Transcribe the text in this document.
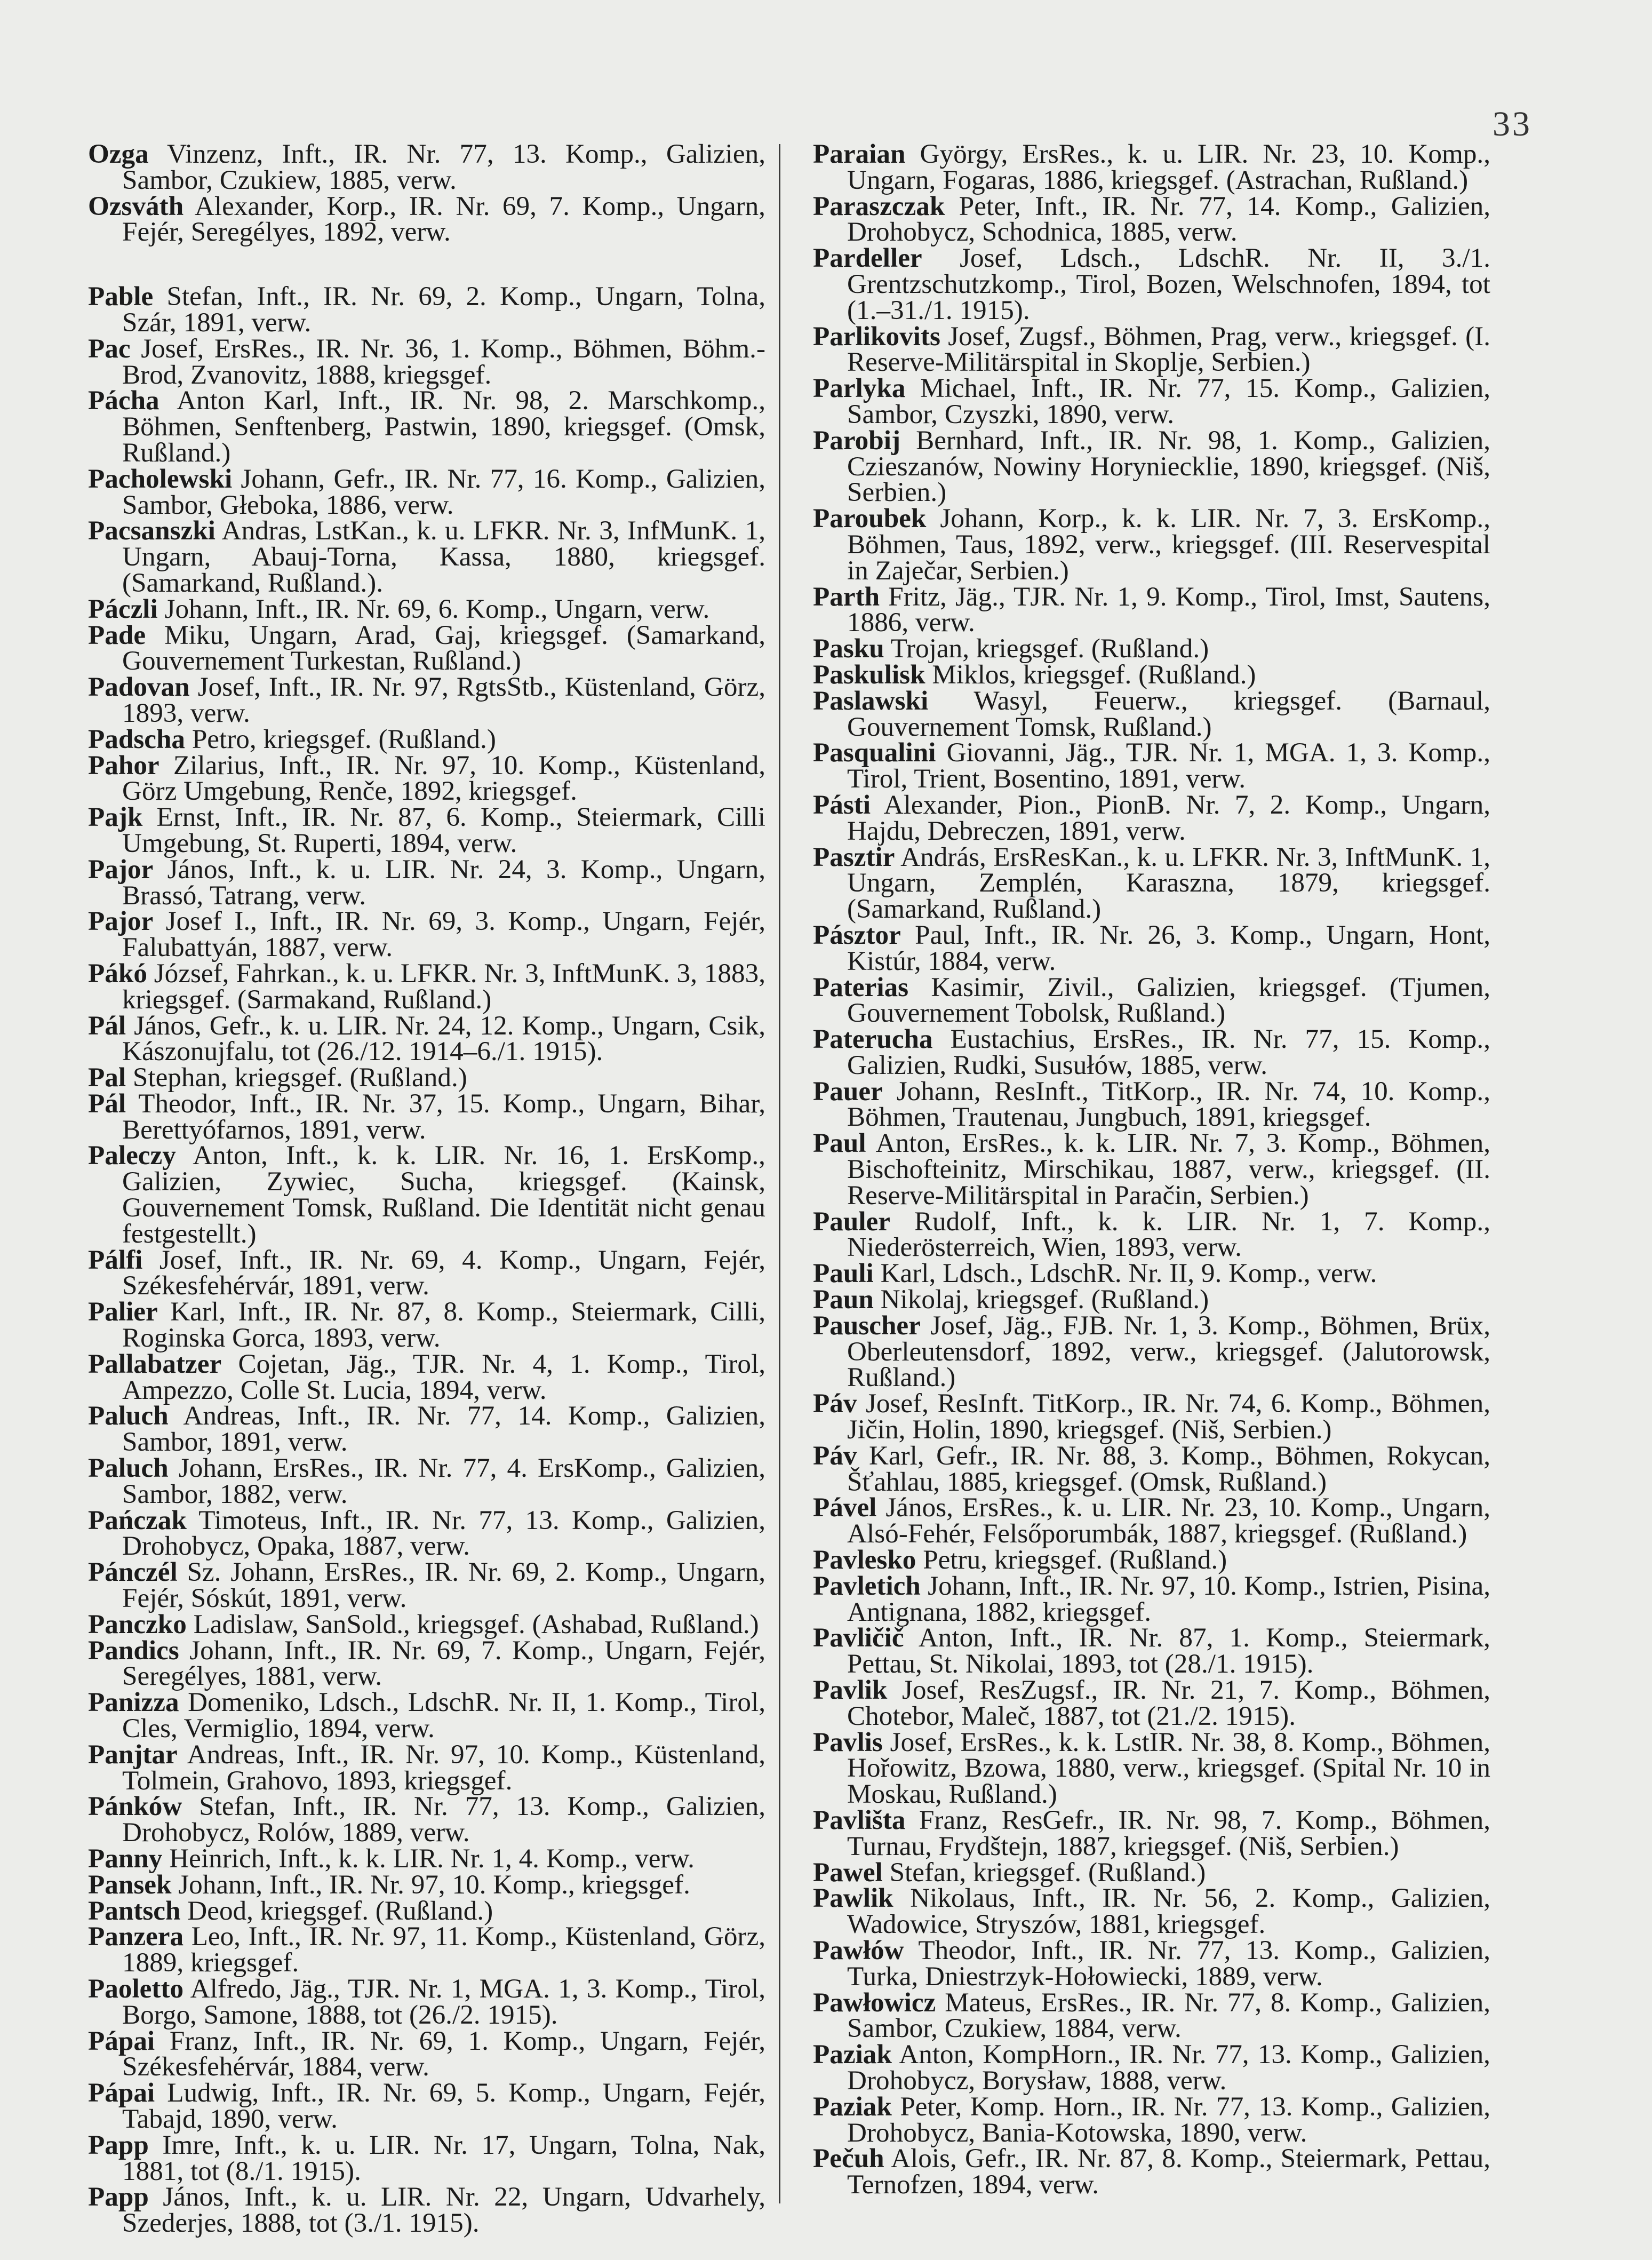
33

Ozga Vinzenz, Inft., IR. Nr. 77, 13. Komp., Galizien, Sambor, Czukiew, 1885, verw.

Ozsváth Alexander, Korp., IR. Nr. 69, 7. Komp., Ungarn, Fejér, Seregélyes, 1892, verw.

Pable Stefan, Inft., IR. Nr. 69, 2. Komp., Ungarn, Tolna, Szár, 1891, verw.

Pac Josef, ErsRes., IR. Nr. 36, 1. Komp., Böhmen, Böhm.-Brod, Zvanovitz, 1888, kriegsgef.

Pácha Anton Karl, Inft., IR. Nr. 98, 2. Marschkomp., Böhmen, Senftenberg, Pastwin, 1890, kriegsgef. (Omsk, Rußland.)

Pacholewski Johann, Gefr., IR. Nr. 77, 16. Komp., Galizien, Sambor, Głeboka, 1886, verw.

Pacsanszki Andras, LstKan., k. u. LFKR. Nr. 3, InfMunK. 1, Ungarn, Abauj-Torna, Kassa, 1880, kriegsgef. (Samarkand, Rußland.).

Páczli Johann, Inft., IR. Nr. 69, 6. Komp., Ungarn, verw.

Pade Miku, Ungarn, Arad, Gaj, kriegsgef. (Samarkand, Gouvernement Turkestan, Rußland.)

Padovan Josef, Inft., IR. Nr. 97, RgtsStb., Küstenland, Görz, 1893, verw.

Padscha Petro, kriegsgef. (Rußland.)

Pahor Zilarius, Inft., IR. Nr. 97, 10. Komp., Küstenland, Görz Umgebung, Renče, 1892, kriegsgef.

Pajk Ernst, Inft., IR. Nr. 87, 6. Komp., Steiermark, Cilli Umgebung, St. Ruperti, 1894, verw.

Pajor János, Inft., k. u. LIR. Nr. 24, 3. Komp., Ungarn, Brassó, Tatrang, verw.

Pajor Josef I., Inft., IR. Nr. 69, 3. Komp., Ungarn, Fejér, Falubattyán, 1887, verw.

Pákó József, Fahrkan., k. u. LFKR. Nr. 3, InftMunK. 3, 1883, kriegsgef. (Sarmakand, Rußland.)

Pál János, Gefr., k. u. LIR. Nr. 24, 12. Komp., Ungarn, Csik, Kászonujfalu, tot (26./12. 1914–6./1. 1915).

Pal Stephan, kriegsgef. (Rußland.)

Pál Theodor, Inft., IR. Nr. 37, 15. Komp., Ungarn, Bihar, Berettyófarnos, 1891, verw.

Paleczy Anton, Inft., k. k. LIR. Nr. 16, 1. ErsKomp., Galizien, Zywiec, Sucha, kriegsgef. (Kainsk, Gouvernement Tomsk, Rußland. Die Identität nicht genau festgestellt.)

Pálfi Josef, Inft., IR. Nr. 69, 4. Komp., Ungarn, Fejér, Székesfehérvár, 1891, verw.

Palier Karl, Inft., IR. Nr. 87, 8. Komp., Steiermark, Cilli, Roginska Gorca, 1893, verw.

Pallabatzer Cojetan, Jäg., TJR. Nr. 4, 1. Komp., Tirol, Ampezzo, Colle St. Lucia, 1894, verw.

Paluch Andreas, Inft., IR. Nr. 77, 14. Komp., Galizien, Sambor, 1891, verw.

Paluch Johann, ErsRes., IR. Nr. 77, 4. ErsKomp., Galizien, Sambor, 1882, verw.

Pańczak Timoteus, Inft., IR. Nr. 77, 13. Komp., Galizien, Drohobycz, Opaka, 1887, verw.

Pánczél Sz. Johann, ErsRes., IR. Nr. 69, 2. Komp., Ungarn, Fejér, Sóskút, 1891, verw.

Panczko Ladislaw, SanSold., kriegsgef. (Ashabad, Rußland.)

Pandics Johann, Inft., IR. Nr. 69, 7. Komp., Ungarn, Fejér, Seregélyes, 1881, verw.

Panizza Domeniko, Ldsch., LdschR. Nr. II, 1. Komp., Tirol, Cles, Vermiglio, 1894, verw.

Panjtar Andreas, Inft., IR. Nr. 97, 10. Komp., Küstenland, Tolmein, Grahovo, 1893, kriegsgef.

Pánków Stefan, Inft., IR. Nr. 77, 13. Komp., Galizien, Drohobycz, Rolów, 1889, verw.

Panny Heinrich, Inft., k. k. LIR. Nr. 1, 4. Komp., verw.

Pansek Johann, Inft., IR. Nr. 97, 10. Komp., kriegsgef.

Pantsch Deod, kriegsgef. (Rußland.)

Panzera Leo, Inft., IR. Nr. 97, 11. Komp., Küstenland, Görz, 1889, kriegsgef.

Paoletto Alfredo, Jäg., TJR. Nr. 1, MGA. 1, 3. Komp., Tirol, Borgo, Samone, 1888, tot (26./2. 1915).

Pápai Franz, Inft., IR. Nr. 69, 1. Komp., Ungarn, Fejér, Székesfehérvár, 1884, verw.

Pápai Ludwig, Inft., IR. Nr. 69, 5. Komp., Ungarn, Fejér, Tabajd, 1890, verw.

Papp Imre, Inft., k. u. LIR. Nr. 17, Ungarn, Tolna, Nak, 1881, tot (8./1. 1915).

Papp János, Inft., k. u. LIR. Nr. 22, Ungarn, Udvarhely, Szederjes, 1888, tot (3./1. 1915).

Paraian György, ErsRes., k. u. LIR. Nr. 23, 10. Komp., Ungarn, Fogaras, 1886, kriegsgef. (Astrachan, Rußland.)

Paraszczak Peter, Inft., IR. Nr. 77, 14. Komp., Galizien, Drohobycz, Schodnica, 1885, verw.

Pardeller Josef, Ldsch., LdschR. Nr. II, 3./1. Grentzschutzkomp., Tirol, Bozen, Welschnofen, 1894, tot (1.–31./1. 1915).

Parlikovits Josef, Zugsf., Böhmen, Prag, verw., kriegsgef. (I. Reserve-Militärspital in Skoplje, Serbien.)

Parlyka Michael, Inft., IR. Nr. 77, 15. Komp., Galizien, Sambor, Czyszki, 1890, verw.

Parobij Bernhard, Inft., IR. Nr. 98, 1. Komp., Galizien, Czieszanów, Nowiny Horyniecklie, 1890, kriegsgef. (Niš, Serbien.)

Paroubek Johann, Korp., k. k. LIR. Nr. 7, 3. ErsKomp., Böhmen, Taus, 1892, verw., kriegsgef. (III. Reservespital in Zaječar, Serbien.)

Parth Fritz, Jäg., TJR. Nr. 1, 9. Komp., Tirol, Imst, Sautens, 1886, verw.

Pasku Trojan, kriegsgef. (Rußland.)

Paskulisk Miklos, kriegsgef. (Rußland.)

Paslawski Wasyl, Feuerw., kriegsgef. (Barnaul, Gouvernement Tomsk, Rußland.)

Pasqualini Giovanni, Jäg., TJR. Nr. 1, MGA. 1, 3. Komp., Tirol, Trient, Bosentino, 1891, verw.

Pásti Alexander, Pion., PionB. Nr. 7, 2. Komp., Ungarn, Hajdu, Debreczen, 1891, verw.

Pasztir András, ErsResKan., k. u. LFKR. Nr. 3, InftMunK. 1, Ungarn, Zemplén, Karaszna, 1879, kriegsgef. (Samarkand, Rußland.)

Pásztor Paul, Inft., IR. Nr. 26, 3. Komp., Ungarn, Hont, Kistúr, 1884, verw.

Paterias Kasimir, Zivil., Galizien, kriegsgef. (Tjumen, Gouvernement Tobolsk, Rußland.)

Paterucha Eustachius, ErsRes., IR. Nr. 77, 15. Komp., Galizien, Rudki, Susułów, 1885, verw.

Pauer Johann, ResInft., TitKorp., IR. Nr. 74, 10. Komp., Böhmen, Trautenau, Jungbuch, 1891, kriegsgef.

Paul Anton, ErsRes., k. k. LIR. Nr. 7, 3. Komp., Böhmen, Bischofteinitz, Mirschikau, 1887, verw., kriegsgef. (II. Reserve-Militärspital in Paračin, Serbien.)

Pauler Rudolf, Inft., k. k. LIR. Nr. 1, 7. Komp., Niederösterreich, Wien, 1893, verw.

Pauli Karl, Ldsch., LdschR. Nr. II, 9. Komp., verw.

Paun Nikolaj, kriegsgef. (Rußland.)

Pauscher Josef, Jäg., FJB. Nr. 1, 3. Komp., Böhmen, Brüx, Oberleutensdorf, 1892, verw., kriegsgef. (Jalutorowsk, Rußland.)

Páv Josef, ResInft. TitKorp., IR. Nr. 74, 6. Komp., Böhmen, Jičin, Holin, 1890, kriegsgef. (Niš, Serbien.)

Páv Karl, Gefr., IR. Nr. 88, 3. Komp., Böhmen, Rokycan, Šťahlau, 1885, kriegsgef. (Omsk, Rußland.)

Pável János, ErsRes., k. u. LIR. Nr. 23, 10. Komp., Ungarn, Alsó-Fehér, Felsőporumbák, 1887, kriegsgef. (Rußland.)

Pavlesko Petru, kriegsgef. (Rußland.)

Pavletich Johann, Inft., IR. Nr. 97, 10. Komp., Istrien, Pisina, Antignana, 1882, kriegsgef.

Pavličič Anton, Inft., IR. Nr. 87, 1. Komp., Steiermark, Pettau, St. Nikolai, 1893, tot (28./1. 1915).

Pavlik Josef, ResZugsf., IR. Nr. 21, 7. Komp., Böhmen, Chotebor, Maleč, 1887, tot (21./2. 1915).

Pavlis Josef, ErsRes., k. k. LstIR. Nr. 38, 8. Komp., Böhmen, Hořowitz, Bzowa, 1880, verw., kriegsgef. (Spital Nr. 10 in Moskau, Rußland.)

Pavlišta Franz, ResGefr., IR. Nr. 98, 7. Komp., Böhmen, Turnau, Frydštejn, 1887, kriegsgef. (Niš, Serbien.)

Pawel Stefan, kriegsgef. (Rußland.)

Pawlik Nikolaus, Inft., IR. Nr. 56, 2. Komp., Galizien, Wadowice, Stryszów, 1881, kriegsgef.

Pawłów Theodor, Inft., IR. Nr. 77, 13. Komp., Galizien, Turka, Dniestrzyk-Hołowiecki, 1889, verw.

Pawłowicz Mateus, ErsRes., IR. Nr. 77, 8. Komp., Galizien, Sambor, Czukiew, 1884, verw.

Paziak Anton, KompHorn., IR. Nr. 77, 13. Komp., Galizien, Drohobycz, Borysław, 1888, verw.

Paziak Peter, Komp. Horn., IR. Nr. 77, 13. Komp., Galizien, Drohobycz, Bania-Kotowska, 1890, verw.

Pečuh Alois, Gefr., IR. Nr. 87, 8. Komp., Steiermark, Pettau, Ternofzen, 1894, verw.
